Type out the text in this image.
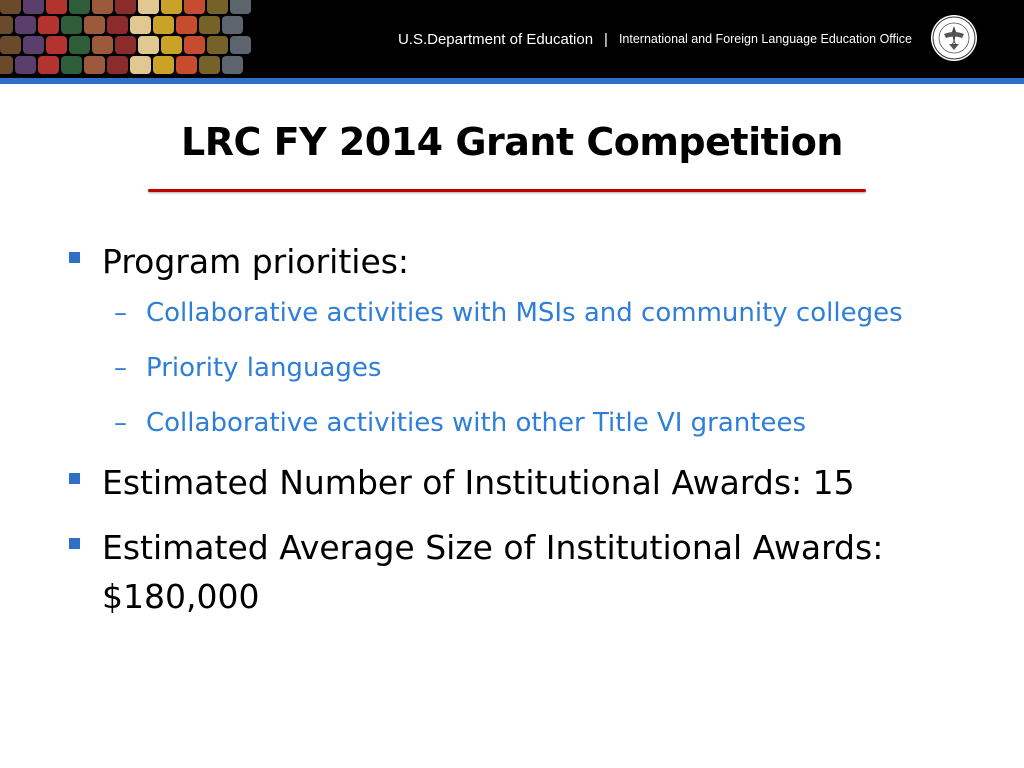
U.S.Department of Education | International and Foreign Language Education Office
LRC FY 2014 Grant Competition
Program priorities:
– Collaborative activities with MSIs and community colleges
– Priority languages
– Collaborative activities with other Title VI grantees
Estimated Number of Institutional Awards: 15
Estimated Average Size of Institutional Awards: $180,000
